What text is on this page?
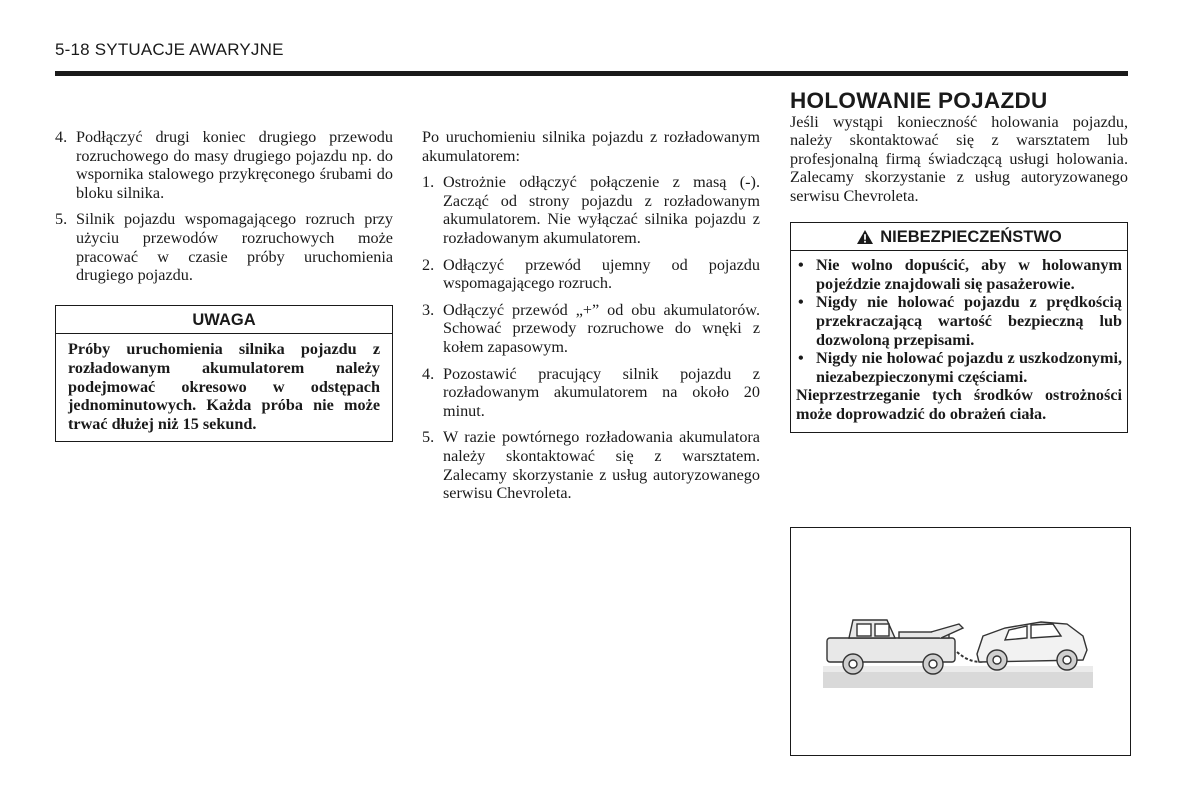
5-18 SYTUACJE AWARYJNE
4. Podłączyć drugi koniec drugiego przewodu rozruchowego do masy drugiego pojazdu np. do wspornika stalowego przykręconego śrubami do bloku silnika.
5. Silnik pojazdu wspomagającego rozruch przy użyciu przewodów rozruchowych może pracować w czasie próby uruchomienia drugiego pojazdu.
UWAGA
Próby uruchomienia silnika pojazdu z rozładowanym akumulatorem należy podejmować okresowo w odstępach jednominutowych. Każda próba nie może trwać dłużej niż 15 sekund.

Po uruchomieniu silnika pojazdu z rozładowanym akumulatorem:

1. Ostrożnie odłączyć połączenie z masą (-). Zacząć od strony pojazdu z rozładowanym akumulatorem. Nie wyłączać silnika pojazdu z rozładowanym akumulatorem.
2. Odłączyć przewód ujemny od pojazdu wspomagającego rozruch.
3. Odłączyć przewód „+” od obu akumulatorów. Schować przewody rozruchowe do wnęki z kołem zapasowym.
4. Pozostawić pracujący silnik pojazdu z rozładowanym akumulatorem na około 20 minut.
5. W razie powtórnego rozładowania akumulatora należy skontaktować się z warsztatem. Zalecamy skorzystanie z usług autoryzowanego serwisu Chevroleta.
HOLOWANIE POJAZDU

Jeśli wystąpi konieczność holowania pojazdu, należy skontaktować się z warsztatem lub profesjonalną firmą świadczącą usługi holowania. Zalecamy skorzystanie z usług autoryzowanego serwisu Chevroleta.

NIEBEZPIECZEŃSTWO
• Nie wolno dopuścić, aby w holowanym pojeździe znajdowali się pasażerowie.
• Nigdy nie holować pojazdu z prędkością przekraczającą wartość bezpieczną lub dozwoloną przepisami.
• Nigdy nie holować pojazdu z uszkodzonymi, niezabezpieczonymi częściami.

Nieprzestrzeganie tych środków ostrożności może doprowadzić do obrażeń ciała.
